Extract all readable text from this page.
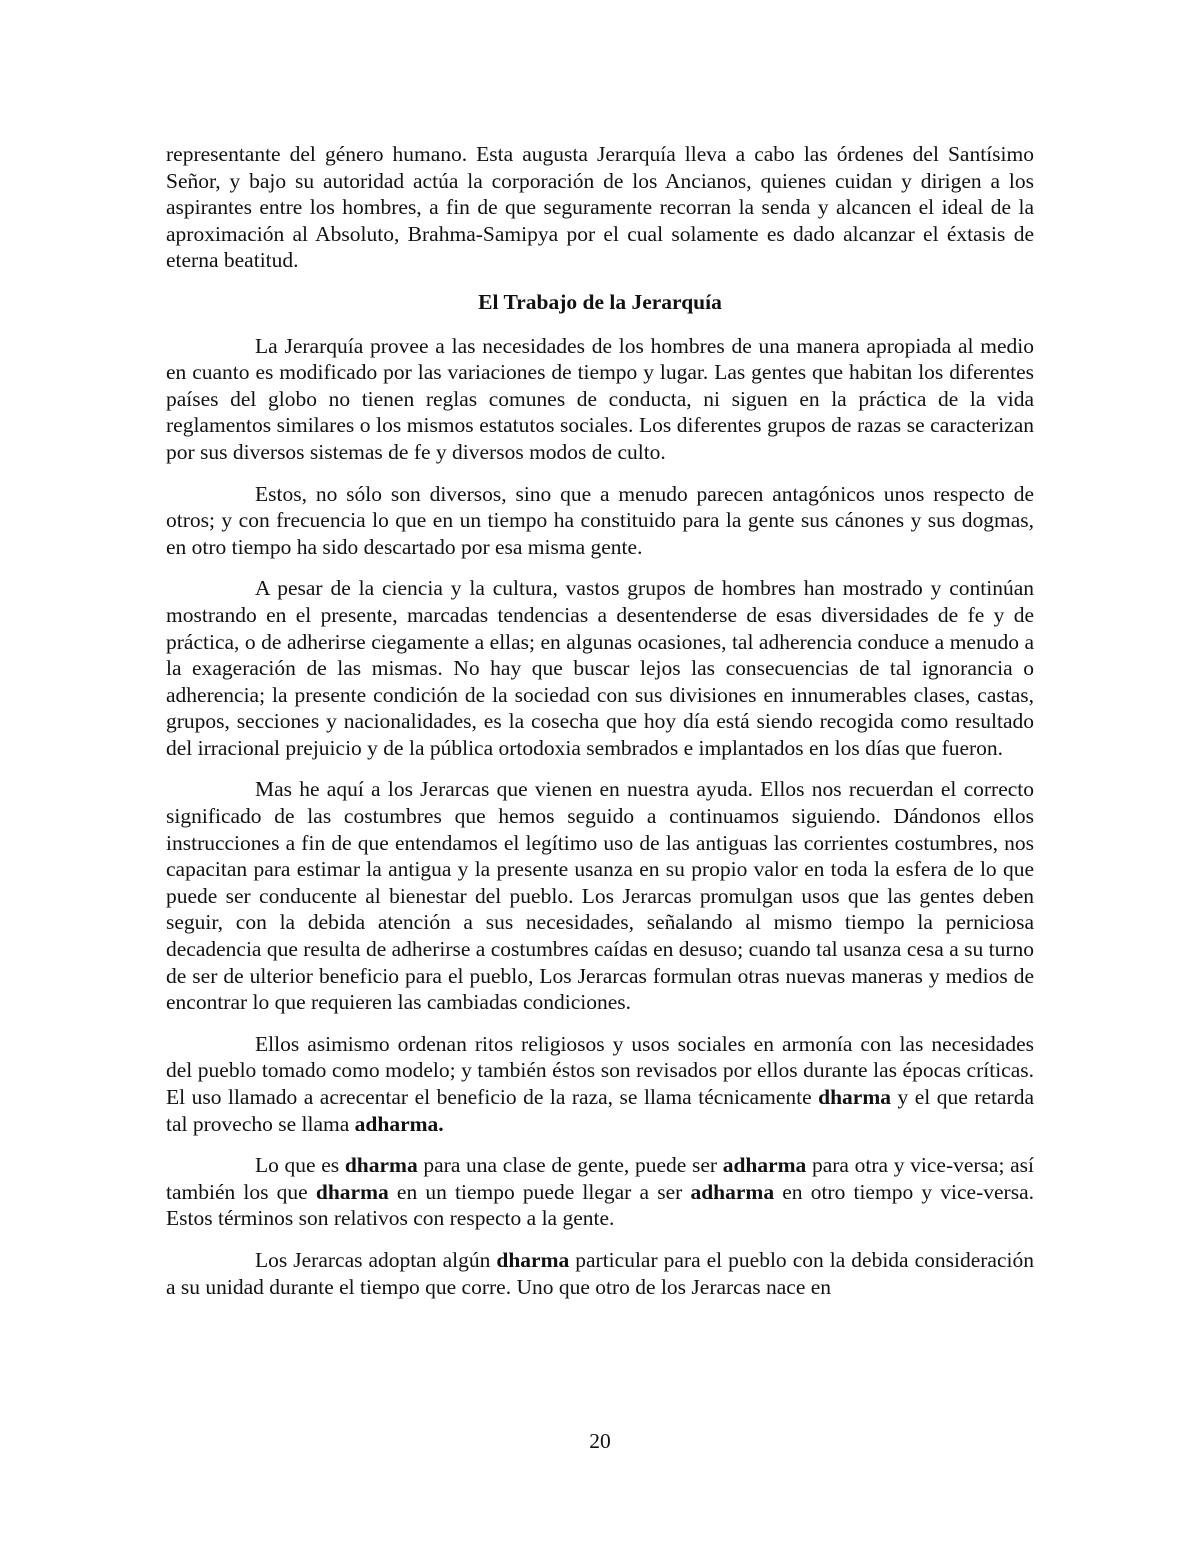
representante del género humano. Esta augusta Jerarquía lleva a cabo las órdenes del Santísimo Señor, y bajo su autoridad actúa la corporación de los Ancianos, quienes cuidan y dirigen a los aspirantes entre los hombres, a fin de que seguramente recorran la senda y alcancen el ideal de la aproximación al Absoluto, Brahma-Samipya por el cual solamente es dado alcanzar el éxtasis de eterna beatitud.

El Trabajo de la Jerarquía

La Jerarquía provee a las necesidades de los hombres de una manera apropiada al medio en cuanto es modificado por las variaciones de tiempo y lugar. Las gentes que habitan los diferentes países del globo no tienen reglas comunes de conducta, ni siguen en la práctica de la vida reglamentos similares o los mismos estatutos sociales. Los diferentes grupos de razas se caracterizan por sus diversos sistemas de fe y diversos modos de culto.

Estos, no sólo son diversos, sino que a menudo parecen antagónicos unos respecto de otros; y con frecuencia lo que en un tiempo ha constituido para la gente sus cánones y sus dogmas, en otro tiempo ha sido descartado por esa misma gente.

A pesar de la ciencia y la cultura, vastos grupos de hombres han mostrado y continúan mostrando en el presente, marcadas tendencias a desentenderse de esas diversidades de fe y de práctica, o de adherirse ciegamente a ellas; en algunas ocasiones, tal adherencia conduce a menudo a la exageración de las mismas. No hay que buscar lejos las consecuencias de tal ignorancia o adherencia; la presente condición de la sociedad con sus divisiones en innumerables clases, castas, grupos, secciones y nacionalidades, es la cosecha que hoy día está siendo recogida como resultado del irracional prejuicio y de la pública ortodoxia sembrados e implantados en los días que fueron.

Mas he aquí a los Jerarcas que vienen en nuestra ayuda. Ellos nos recuerdan el correcto significado de las costumbres que hemos seguido a continuamos siguiendo. Dándonos ellos instrucciones a fin de que entendamos el legítimo uso de las antiguas las corrientes costumbres, nos capacitan para estimar la antigua y la presente usanza en su propio valor en toda la esfera de lo que puede ser conducente al bienestar del pueblo. Los Jerarcas promulgan usos que las gentes deben seguir, con la debida atención a sus necesidades, señalando al mismo tiempo la perniciosa decadencia que resulta de adherirse a costumbres caídas en desuso; cuando tal usanza cesa a su turno de ser de ulterior beneficio para el pueblo, Los Jerarcas formulan otras nuevas maneras y medios de encontrar lo que requieren las cambiadas condiciones.

Ellos asimismo ordenan ritos religiosos y usos sociales en armonía con las necesidades del pueblo tomado como modelo; y también éstos son revisados por ellos durante las épocas críticas. El uso llamado a acrecentar el beneficio de la raza, se llama técnicamente dharma y el que retarda tal provecho se llama adharma.

Lo que es dharma para una clase de gente, puede ser adharma para otra y vice-versa; así también los que dharma en un tiempo puede llegar a ser adharma en otro tiempo y vice-versa. Estos términos son relativos con respecto a la gente.

Los Jerarcas adoptan algún dharma particular para el pueblo con la debida consideración a su unidad durante el tiempo que corre. Uno que otro de los Jerarcas nace en

20
